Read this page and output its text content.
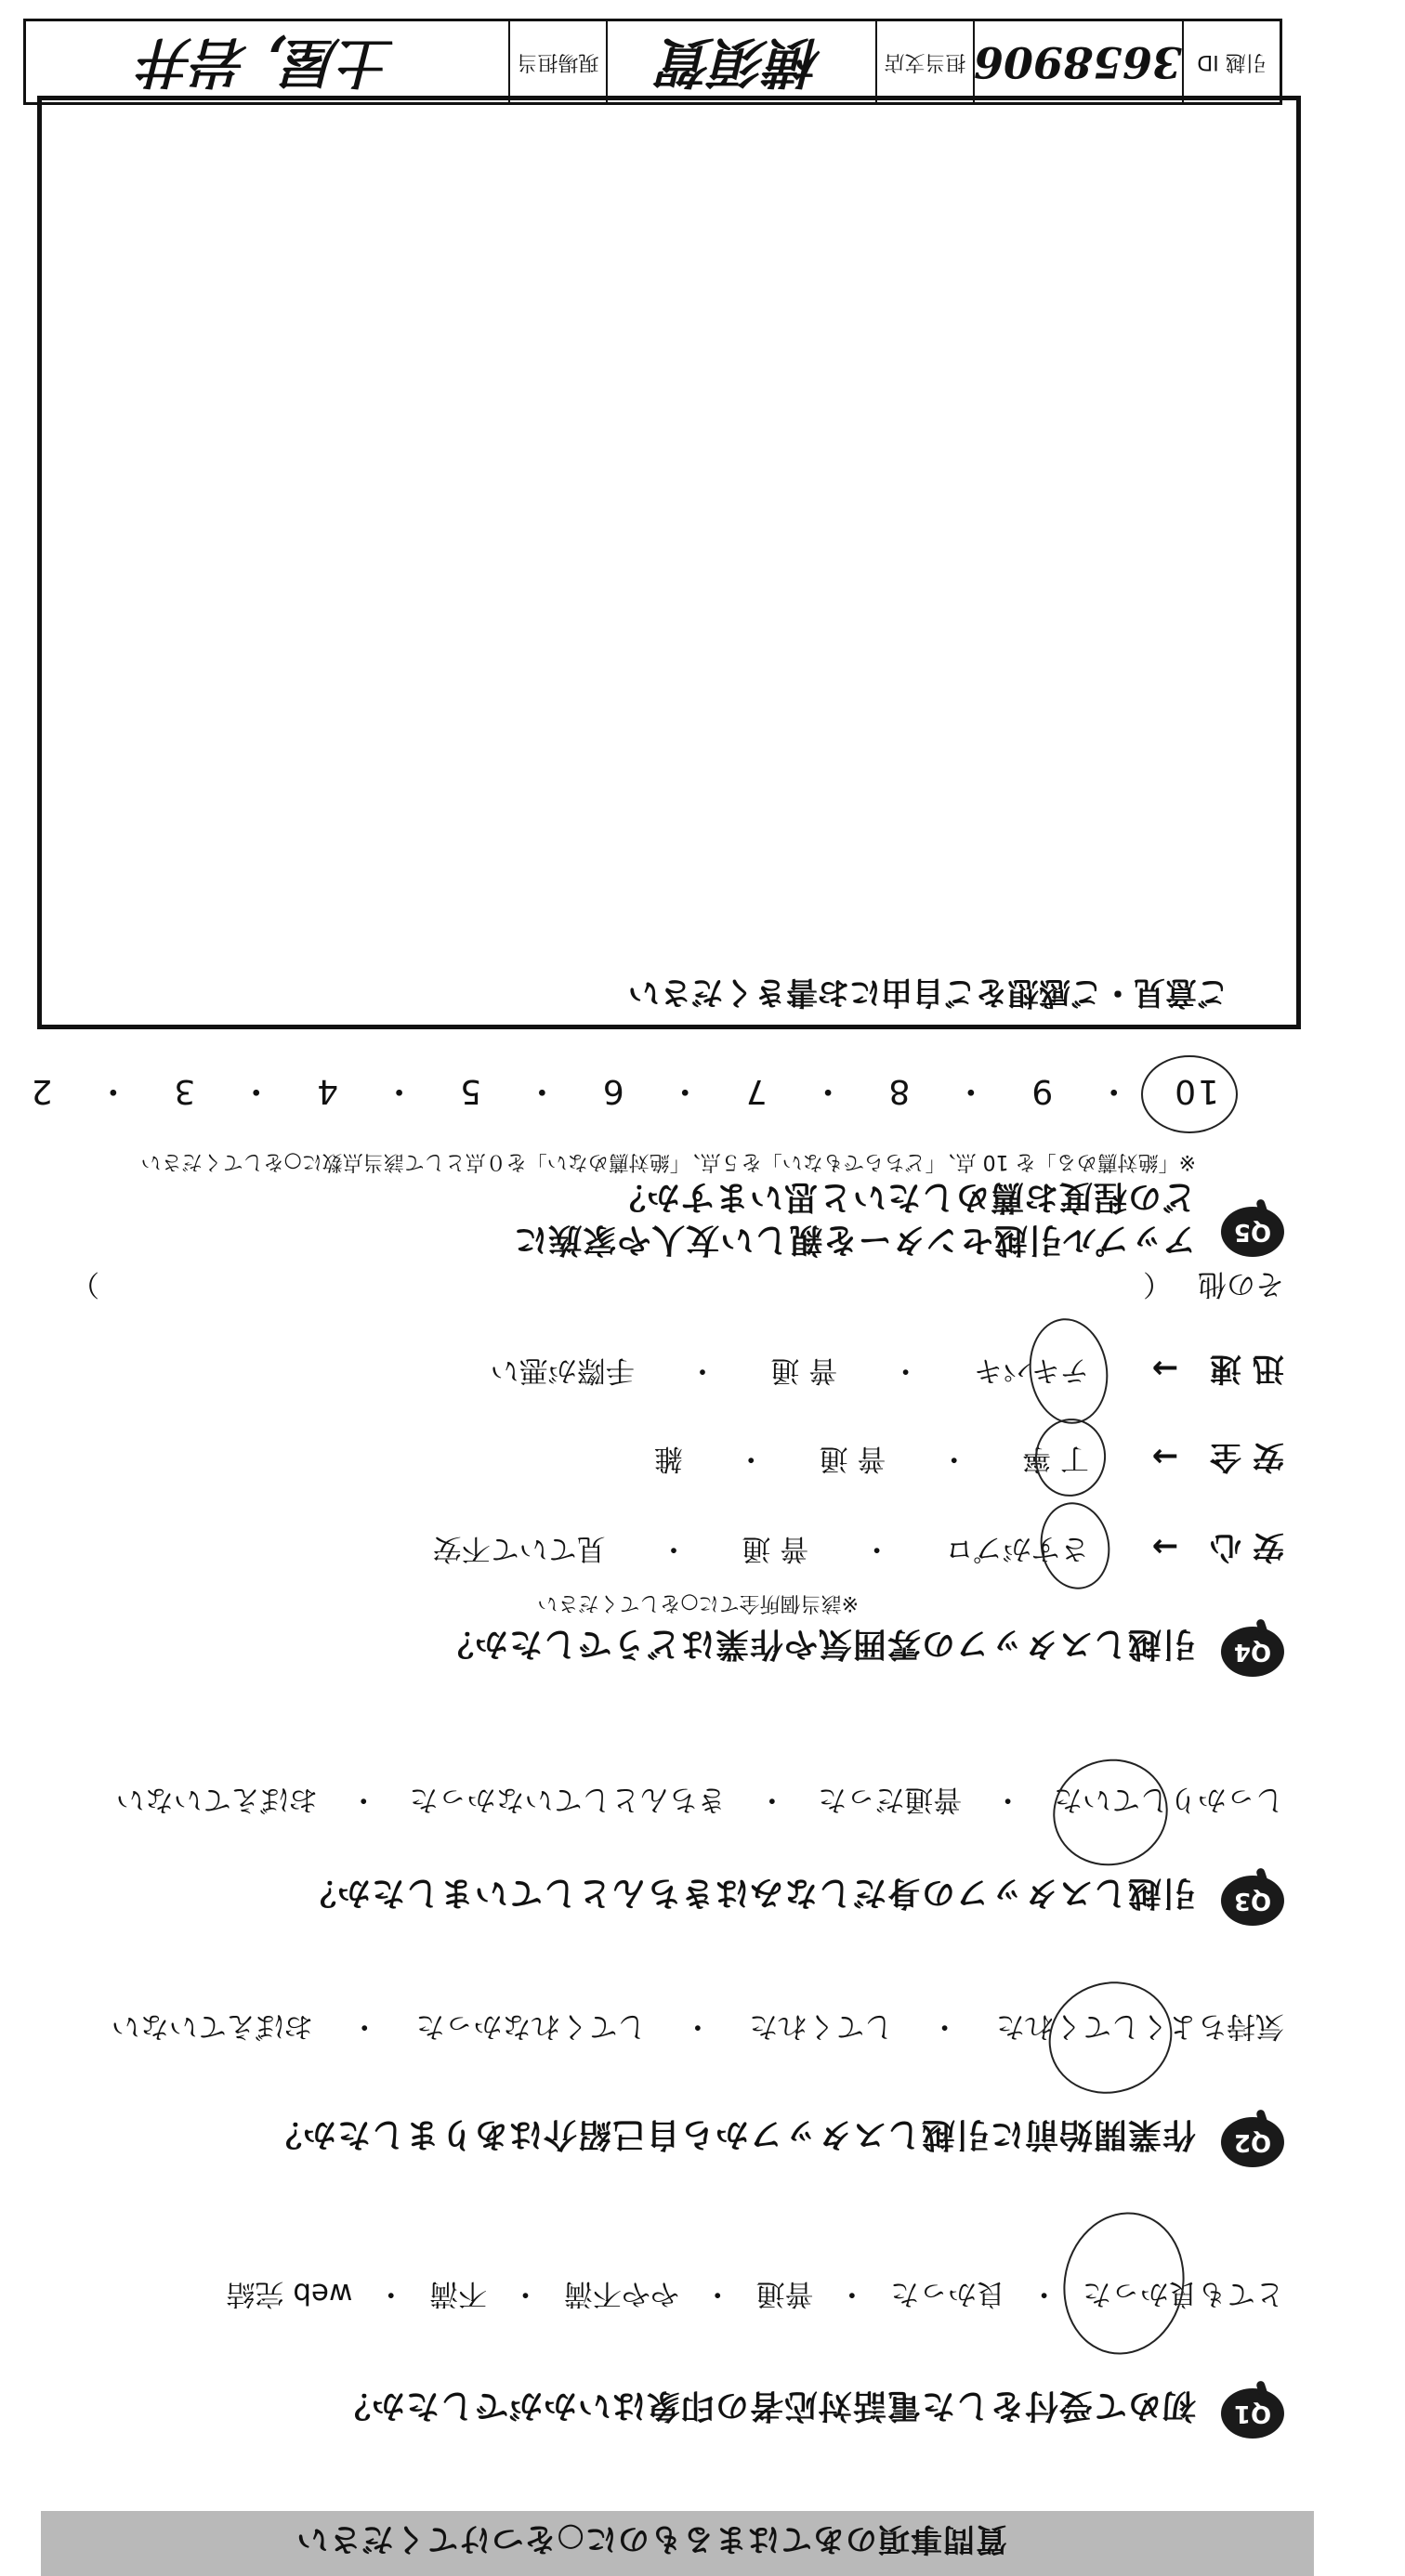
質問事項のあてはまるものに○をつけてください
Q1
初めて受付をした電話対応者の印象はいかがでしたか？
とても良かった ・ 良かった ・ 普通 ・ やや不満 ・ 不満 ・ web 完結
Q2
作業開始前に引越しスタッフから自己紹介はありましたか？
気持ちよくしてくれた ・ してくれた ・ してくれなかった ・ おぼえていない
Q3
引越しスタッフの身だしなみはきちんとしていましたか？
しっかりしていた ・ 普通だった ・ きちんとしていなかった ・ おぼえていない
Q4
引越しスタッフの雰囲気や作業はどうでしたか？
※該当個所全てに○をしてください
安 心 →
さすがプロ ・ 普 通 ・ 見ていて不安
安 全 →
丁 寧 ・ 普 通 ・ 雑
迅 速 →
テキパキ ・ 普 通 ・ 手際が悪い
その他 （
）
Q5
アップル引越センターを親しい友人や家族に
どの程度お薦めしたいと思いますか？
※「絶対薦める」を 10 点、「どちらでもない」を５点、「絶対薦めない」を０点として該当点数に○をしてください
10 ・ 9 ・ 8 ・ 7 ・ 6 ・ 5 ・ 4 ・ 3 ・ 2
ご意見・ご感想をご自由にお書きください
引越 ID
3658906
担当支店
横須賀
現場担当
土屋, 岩井
